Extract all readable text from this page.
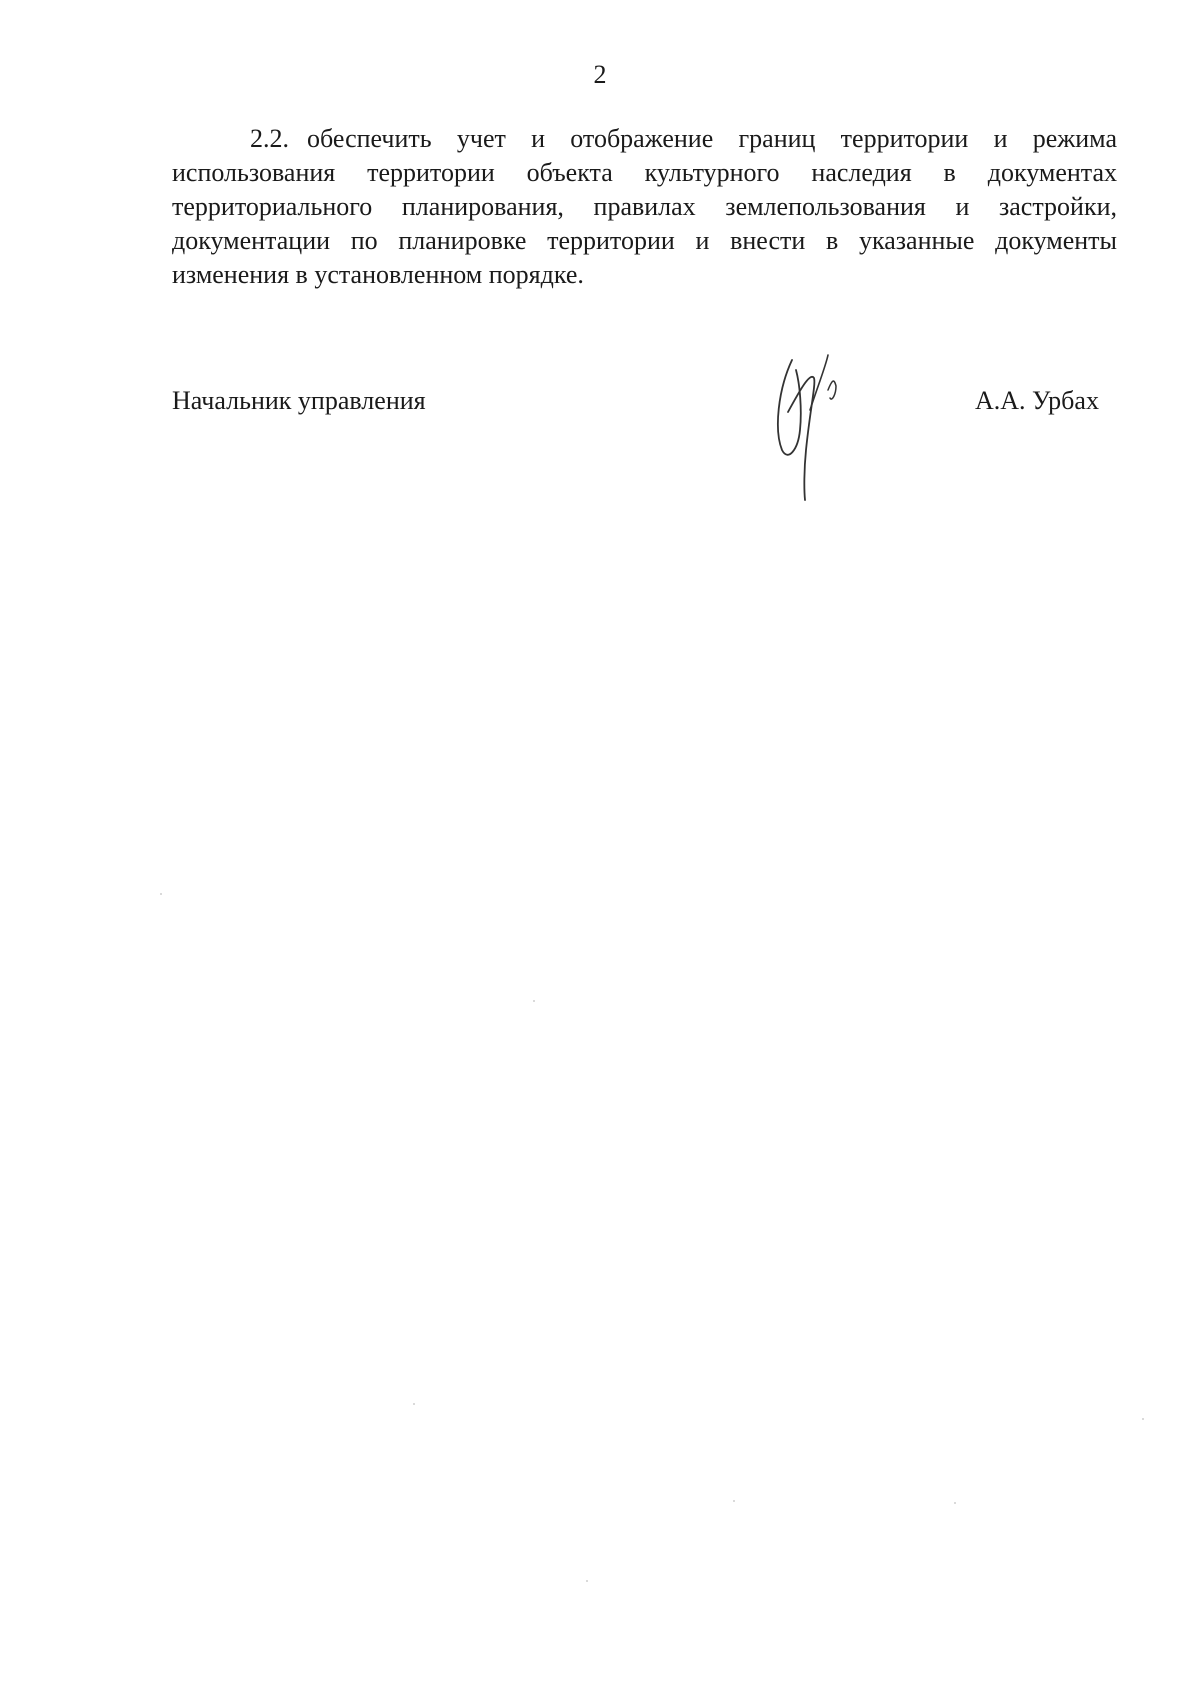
2
2.2. обеспечить учет и отображение границ территории и режима
использования территории объекта культурного наследия в документах
территориального планирования, правилах землепользования и застройки,
документации по планировке территории и внести в указанные документы
изменения в установленном порядке.
Начальник управления	А.А. Урбах
